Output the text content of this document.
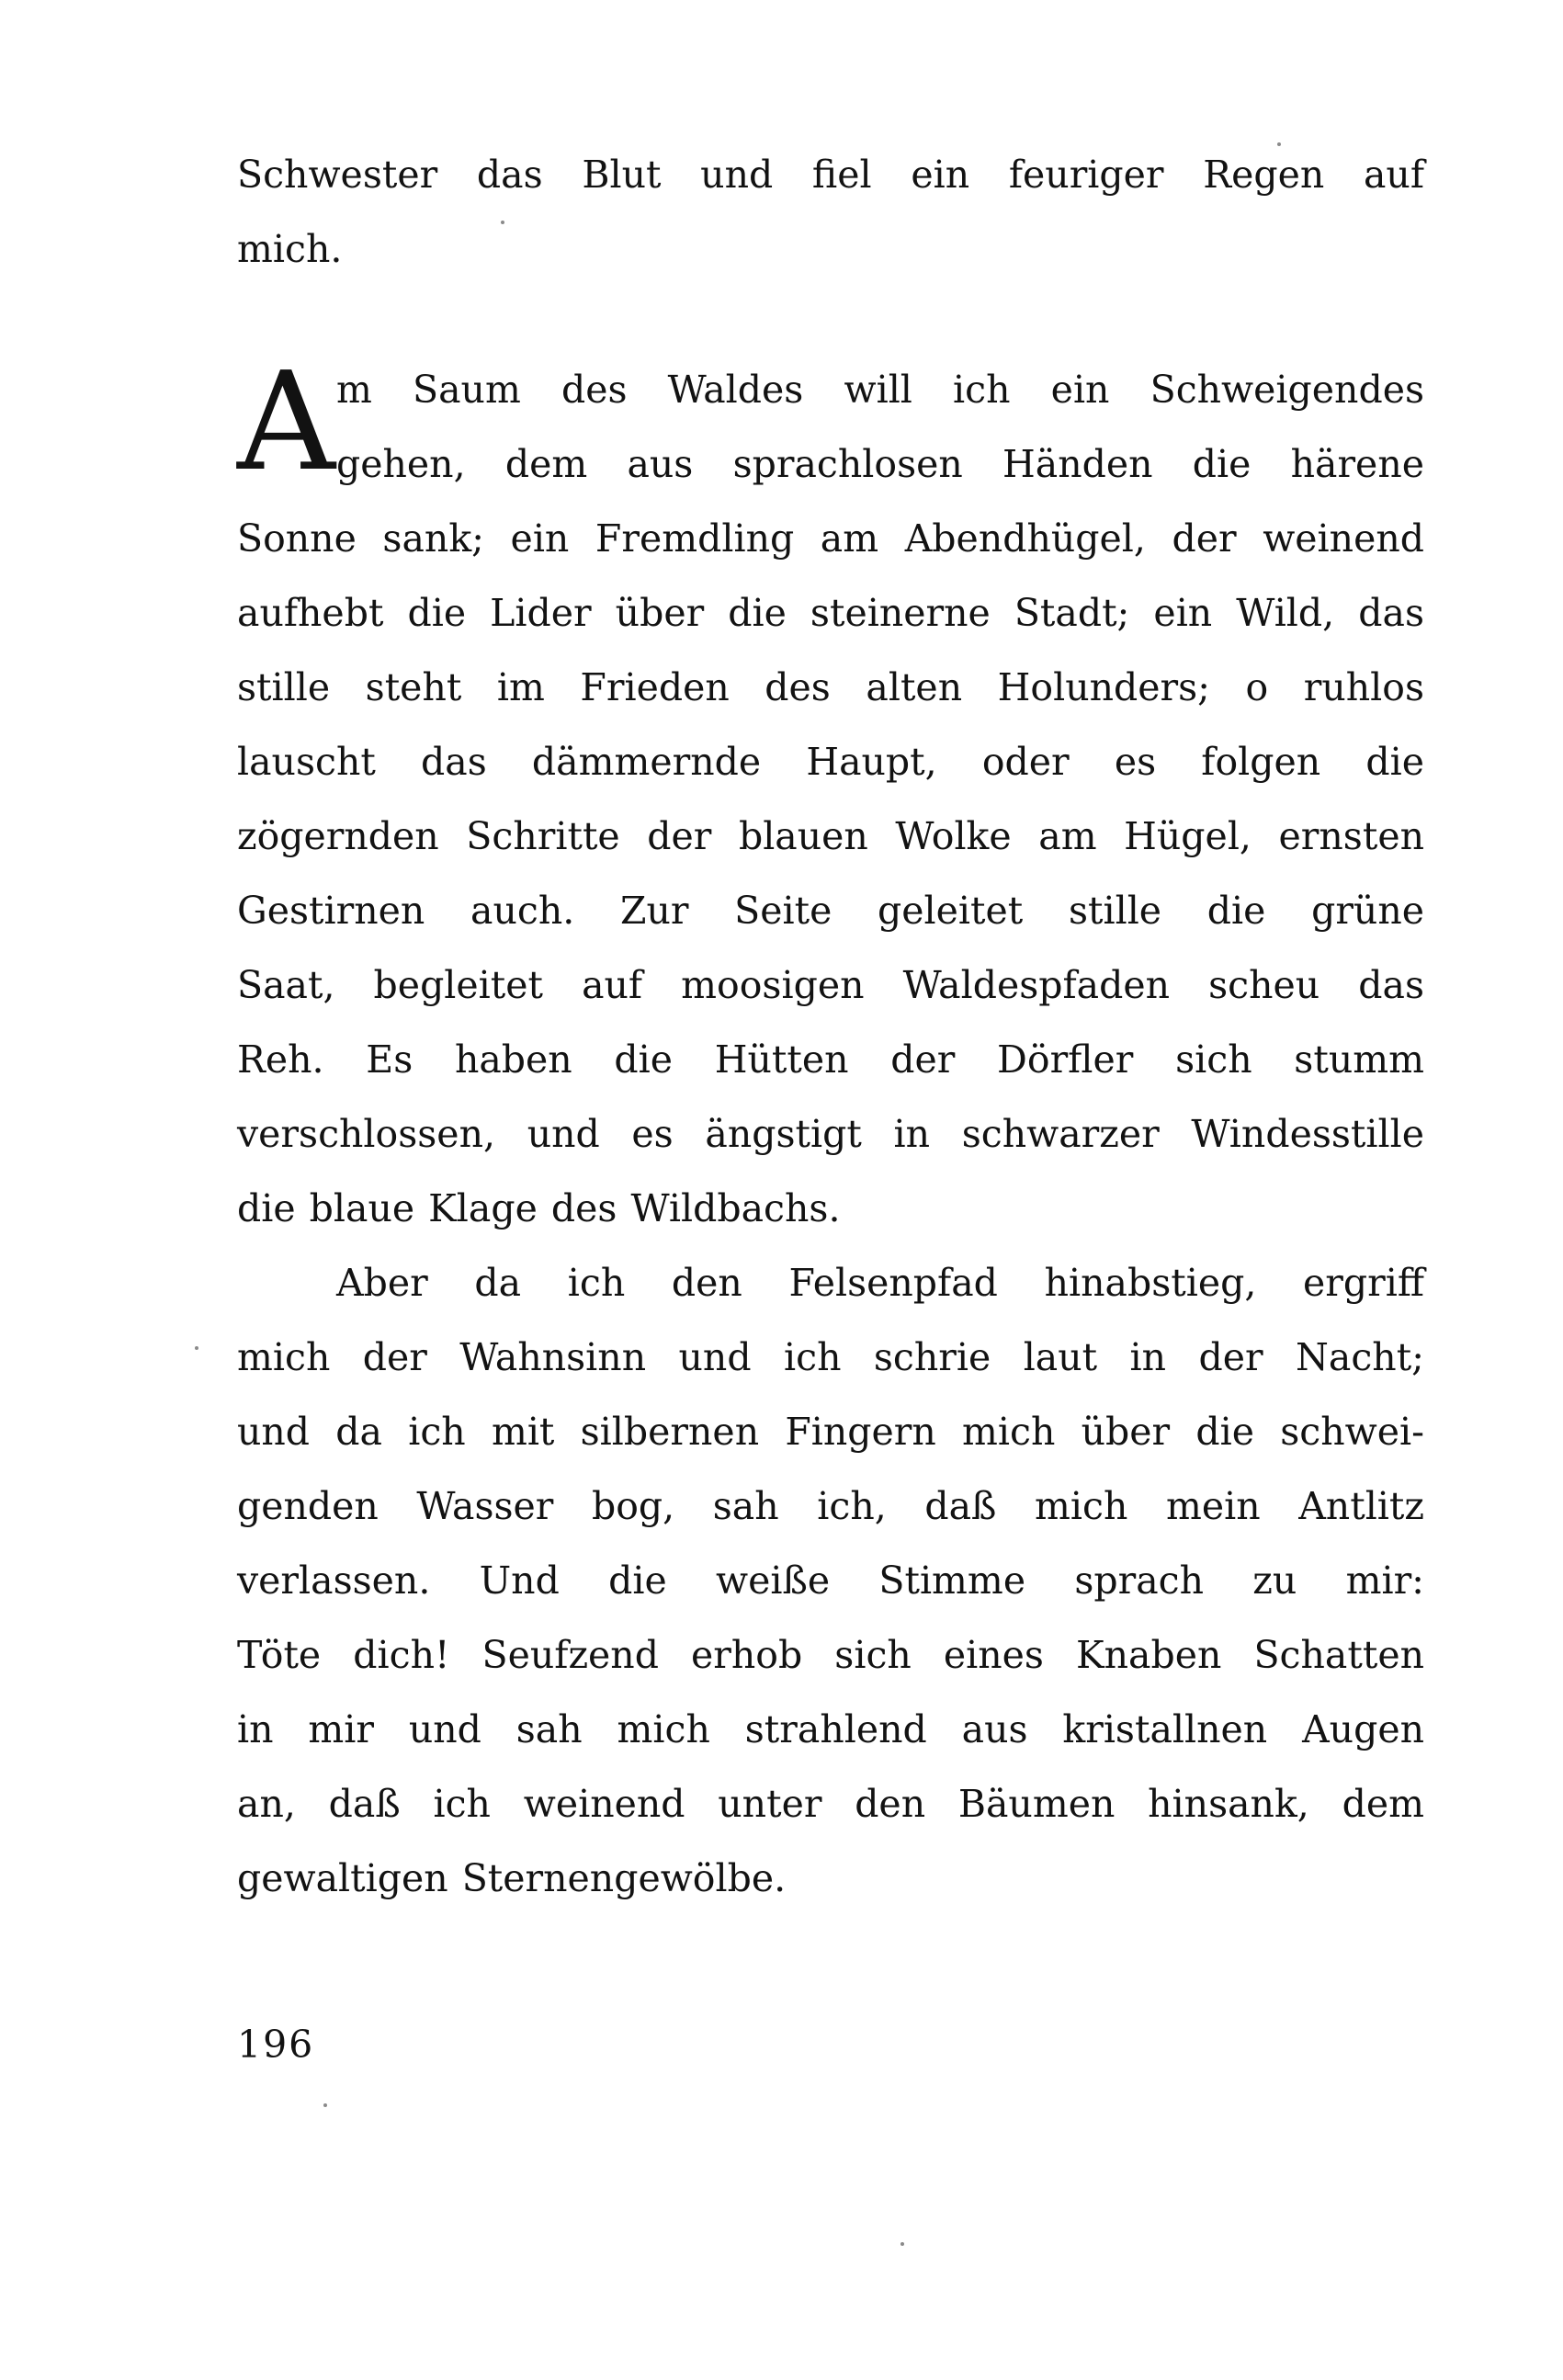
Schwester das Blut und fiel ein feuriger Regen auf
mich.
A m Saum des Waldes will ich ein Schweigendes
gehen, dem aus sprachlosen Händen die härene
Sonne sank; ein Fremdling am Abendhügel, der weinend
aufhebt die Lider über die steinerne Stadt; ein Wild, das
stille steht im Frieden des alten Holunders; o ruhlos
lauscht das dämmernde Haupt, oder es folgen die
zögernden Schritte der blauen Wolke am Hügel, ernsten
Gestirnen auch. Zur Seite geleitet stille die grüne
Saat, begleitet auf moosigen Waldespfaden scheu das
Reh. Es haben die Hütten der Dörfler sich stumm
verschlossen, und es ängstigt in schwarzer Windesstille
die blaue Klage des Wildbachs.
Aber da ich den Felsenpfad hinabstieg, ergriff
mich der Wahnsinn und ich schrie laut in der Nacht;
und da ich mit silbernen Fingern mich über die schwei-
genden Wasser bog, sah ich, daß mich mein Antlitz
verlassen. Und die weiße Stimme sprach zu mir:
Töte dich! Seufzend erhob sich eines Knaben Schatten
in mir und sah mich strahlend aus kristallnen Augen
an, daß ich weinend unter den Bäumen hinsank, dem
gewaltigen Sternengewölbe.
196
